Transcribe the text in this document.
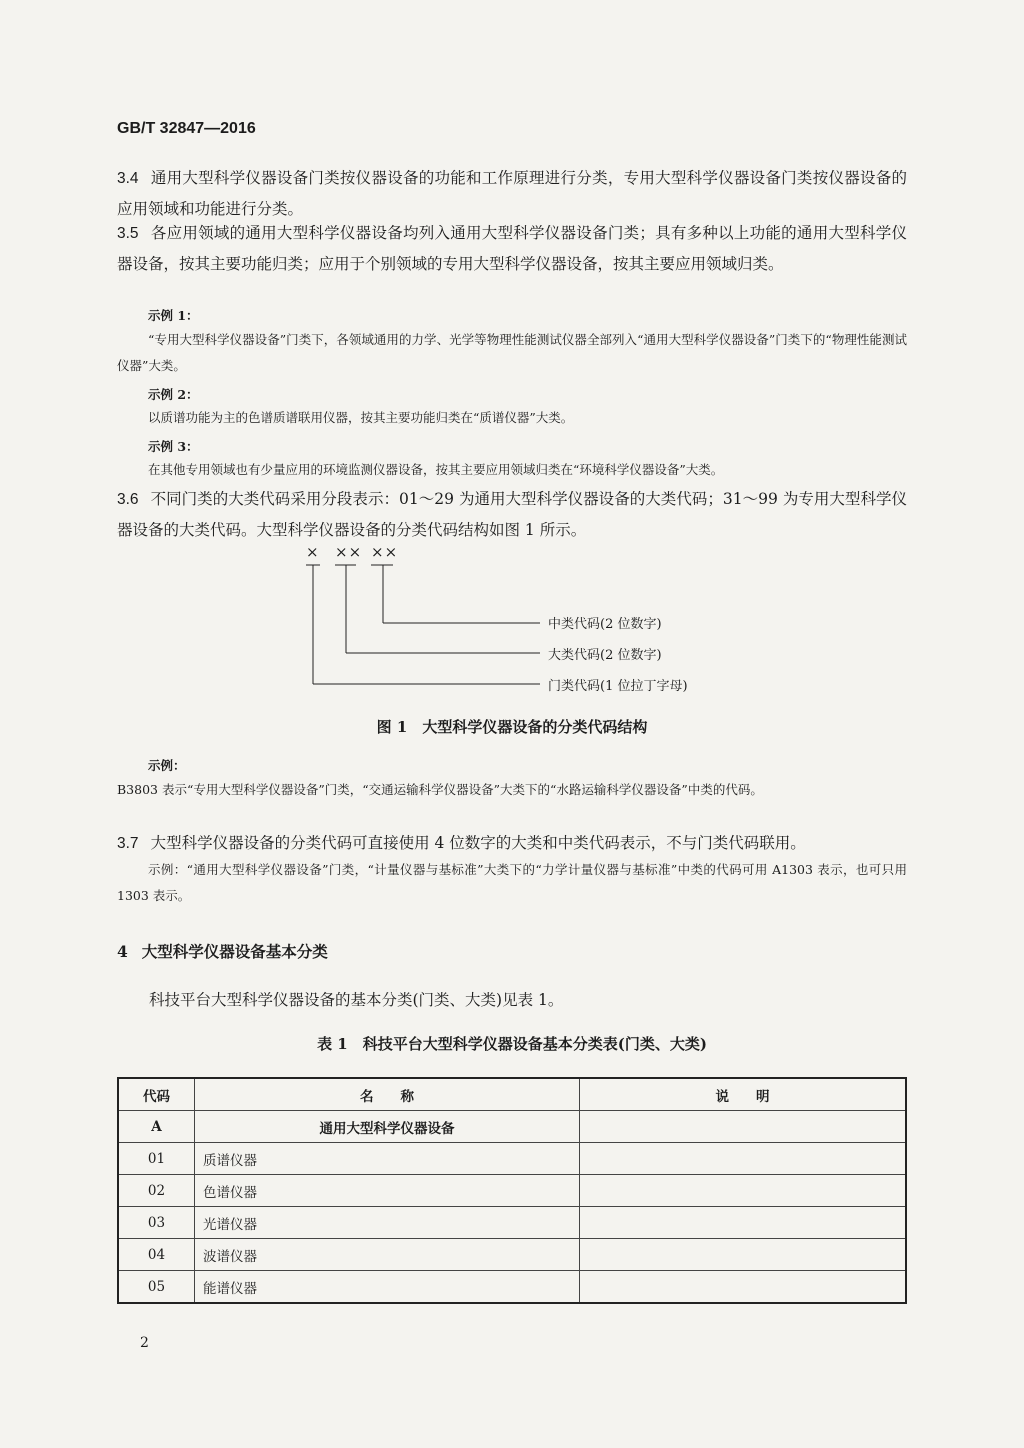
GB/T 32847—2016
3.4 通用大型科学仪器设备门类按仪器设备的功能和工作原理进行分类，专用大型科学仪器设备门类按仪器设备的应用领域和功能进行分类。
3.5 各应用领域的通用大型科学仪器设备均列入通用大型科学仪器设备门类；具有多种以上功能的通用大型科学仪器设备，按其主要功能归类；应用于个别领域的专用大型科学仪器设备，按其主要应用领域归类。
示例 1：
“专用大型科学仪器设备”门类下，各领域通用的力学、光学等物理性能测试仪器全部列入“通用大型科学仪器设备”门类下的“物理性能测试仪器”大类。
示例 2：
以质谱功能为主的色谱质谱联用仪器，按其主要功能归类在“质谱仪器”大类。
示例 3：
在其他专用领域也有少量应用的环境监测仪器设备，按其主要应用领域归类在“环境科学仪器设备”大类。
3.6 不同门类的大类代码采用分段表示：01～29 为通用大型科学仪器设备的大类代码；31～99 为专用大型科学仪器设备的大类代码。大型科学仪器设备的分类代码结构如图 1 所示。
中类代码(2 位数字)
大类代码(2 位数字)
门类代码(1 位拉丁字母)
× ×× ××
图 1　大型科学仪器设备的分类代码结构
示例：
B3803 表示“专用大型科学仪器设备”门类，“交通运输科学仪器设备”大类下的“水路运输科学仪器设备”中类的代码。
3.7 大型科学仪器设备的分类代码可直接使用 4 位数字的大类和中类代码表示，不与门类代码联用。
示例：“通用大型科学仪器设备”门类，“计量仪器与基标准”大类下的“力学计量仪器与基标准”中类的代码可用 A1303 表示，也可只用 1303 表示。
4 大型科学仪器设备基本分类
科技平台大型科学仪器设备的基本分类(门类、大类)见表 1。
表 1　科技平台大型科学仪器设备基本分类表(门类、大类)
代码	名　　称	说　　明
A	通用大型科学仪器设备	
01	质谱仪器	
02	色谱仪器	
03	光谱仪器	
04	波谱仪器	
05	能谱仪器	
2
